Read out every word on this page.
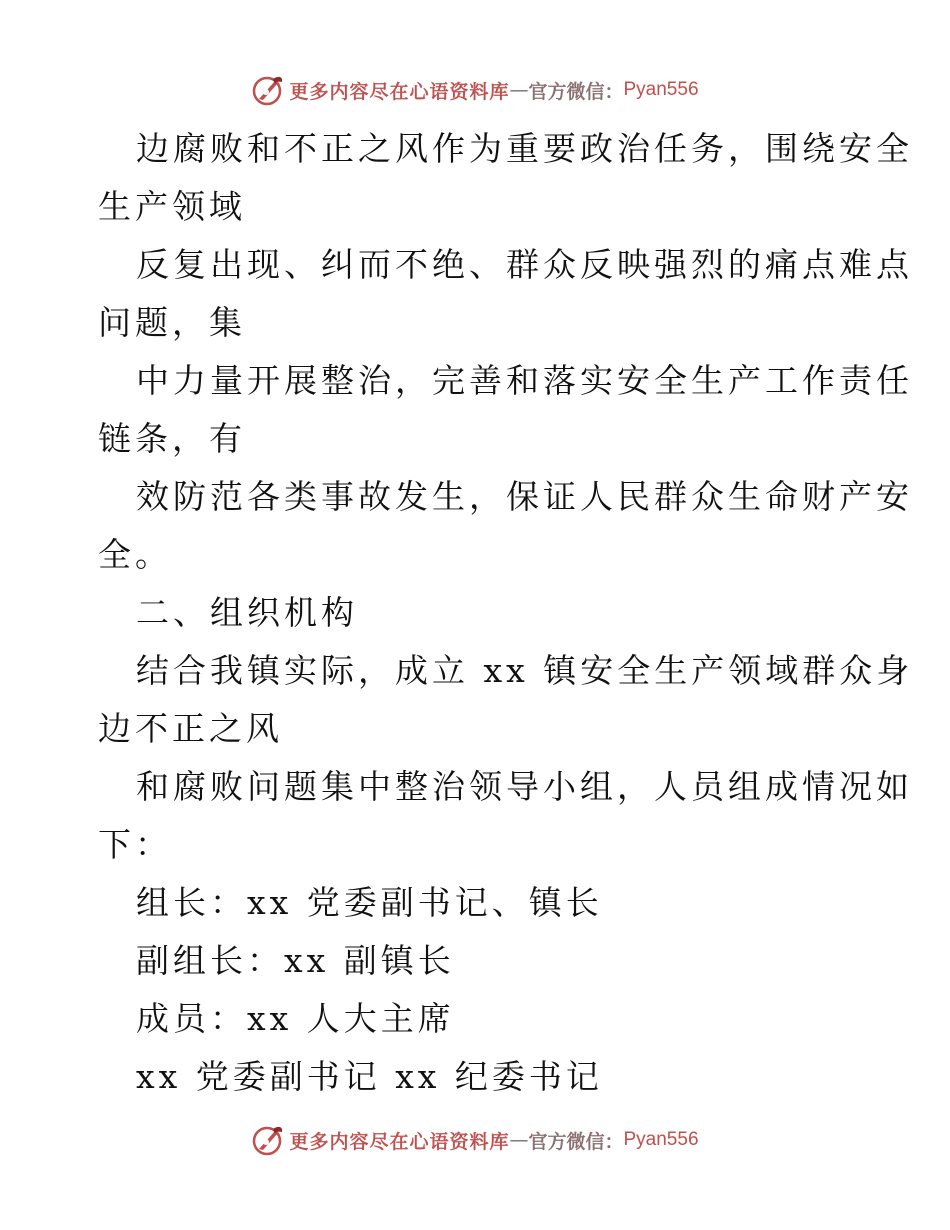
更多内容尽在心语资料库 — 官方微信： Pyan556
边腐败和不正之风作为重要政治任务，围绕安全
生产领域
反复出现、纠而不绝、群众反映强烈的痛点难点
问题，集
中力量开展整治，完善和落实安全生产工作责任
链条，有
效防范各类事故发生，保证人民群众生命财产安
全。
二、组织机构
结合我镇实际，成立 xx 镇安全生产领域群众身
边不正之风
和腐败问题集中整治领导小组，人员组成情况如
下：
组长：xx 党委副书记、镇长
副组长：xx 副镇长
成员：xx 人大主席
xx 党委副书记 xx 纪委书记
更多内容尽在心语资料库 — 官方微信： Pyan556
